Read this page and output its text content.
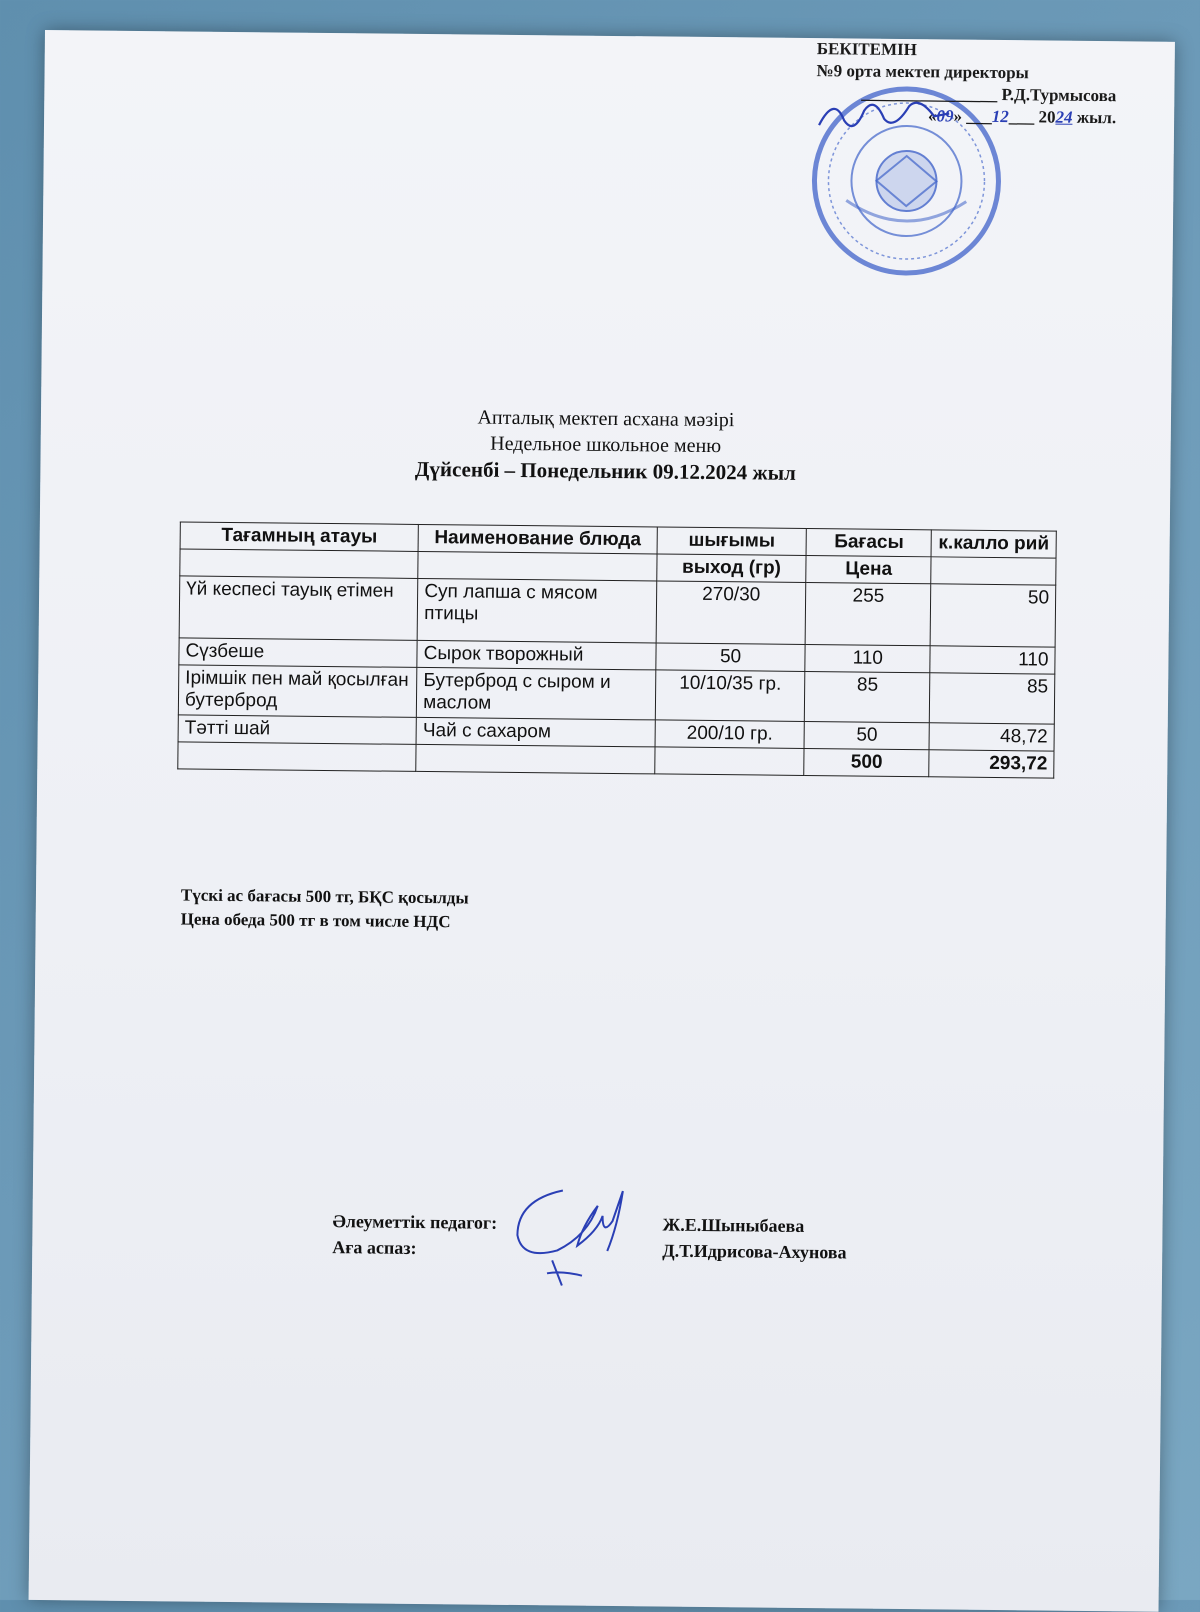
БЕКІТЕМІН
№9 орта мектеп директоры
________________ Р.Д.Турмысова
«09» ___12___ 2024 жыл.
Апталық мектеп асхана мәзірі
Недельное школьное меню
Дүйсенбі – Понедельник 09.12.2024 жыл
Тағамның атауы	Наименование блюда	шығымы	Бағасы	к.калло рий
		выход (гр)	Цена	
Үй кеспесі тауық етімен	Суп лапша с мясом птицы	270/30	255	50
Сүзбеше	Сырок творожный	50	110	110
Ірімшік пен май қосылған бутерброд	Бутерброд с сыром и маслом	10/10/35 гр.	85	85
Тәтті шай	Чай с сахаром	200/10 гр.	50	48,72
			500	293,72
Түскі ас бағасы 500 тг, БҚС қосылды
Цена обеда 500 тг в том числе НДС
Әлеуметтік педагог:	Ж.Е.Шыныбаева
Аға аспаз:	Д.Т.Идрисова-Ахунова
